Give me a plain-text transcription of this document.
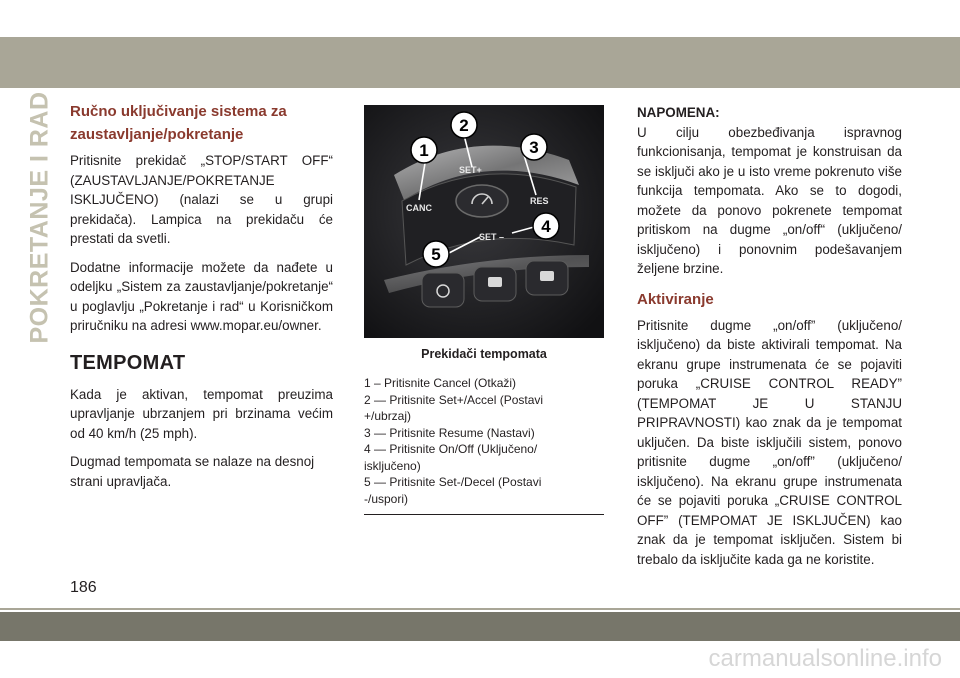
POKRETANJE I RAD Ručno uključivanje sistema za zaustavljanje/pokretanje

Pritisnite prekidač „STOP/START OFF“ (ZAUSTAVLJANJE/POKRETANJE ISKLJUČENO) (nalazi se u grupi prekidača). Lampica na prekidaču će prestati da svetli.

Dodatne informacije možete da nađete u odeljku „Sistem za zaustavljanje/pokretanje“ u poglavlju „Pokretanje i rad“ u Korisničkom priručniku na adresi www.mopar.eu/owner.

TEMPOMAT

Kada je aktivan, tempomat preuzima upravljanje ubrzanjem pri brzinama većim od 40 km/h (25 mph).

Dugmad tempomata se nalaze na desnoj strani upravljača.

CANC
SET+
RES
SET –
1
2
3
4
5
Prekidači tempomata
1 – Pritisnite Cancel (Otkaži)
2 — Pritisnite Set+/Accel (Postavi
+/ubrzaj)
3 — Pritisnite Resume (Nastavi)
4 — Pritisnite On/Off (Uključeno/
isključeno)
5 — Pritisnite Set-/Decel (Postavi
-/uspori)
NAPOMENA:

U cilju obezbeđivanja ispravnog funkcionisanja, tempomat je konstruisan da se isključi ako je u isto vreme pokrenuto više funkcija tempomata. Ako se to dogodi, možete da ponovo pokrenete tempomat pritiskom na dugme „on/off“ (uključeno/ isključeno) i ponovnim podešavanjem željene brzine.

Aktiviranje

Pritisnite dugme „on/off” (uključeno/ isključeno) da biste aktivirali tempomat. Na ekranu grupe instrumenata će se pojaviti poruka „CRUISE CONTROL READY” (TEMPOMAT JE U STANJU PRIPRAVNOSTI) kao znak da je tempomat uključen. Da biste isključili sistem, ponovo pritisnite dugme „on/off” (uključeno/ isključeno). Na ekranu grupe instrumenata će se pojaviti poruka „CRUISE CONTROL OFF” (TEMPOMAT JE ISKLJUČEN) kao znak da je tempomat isključen. Sistem bi trebalo da isključite kada ga ne koristite.

186
carmanualsonline.info
